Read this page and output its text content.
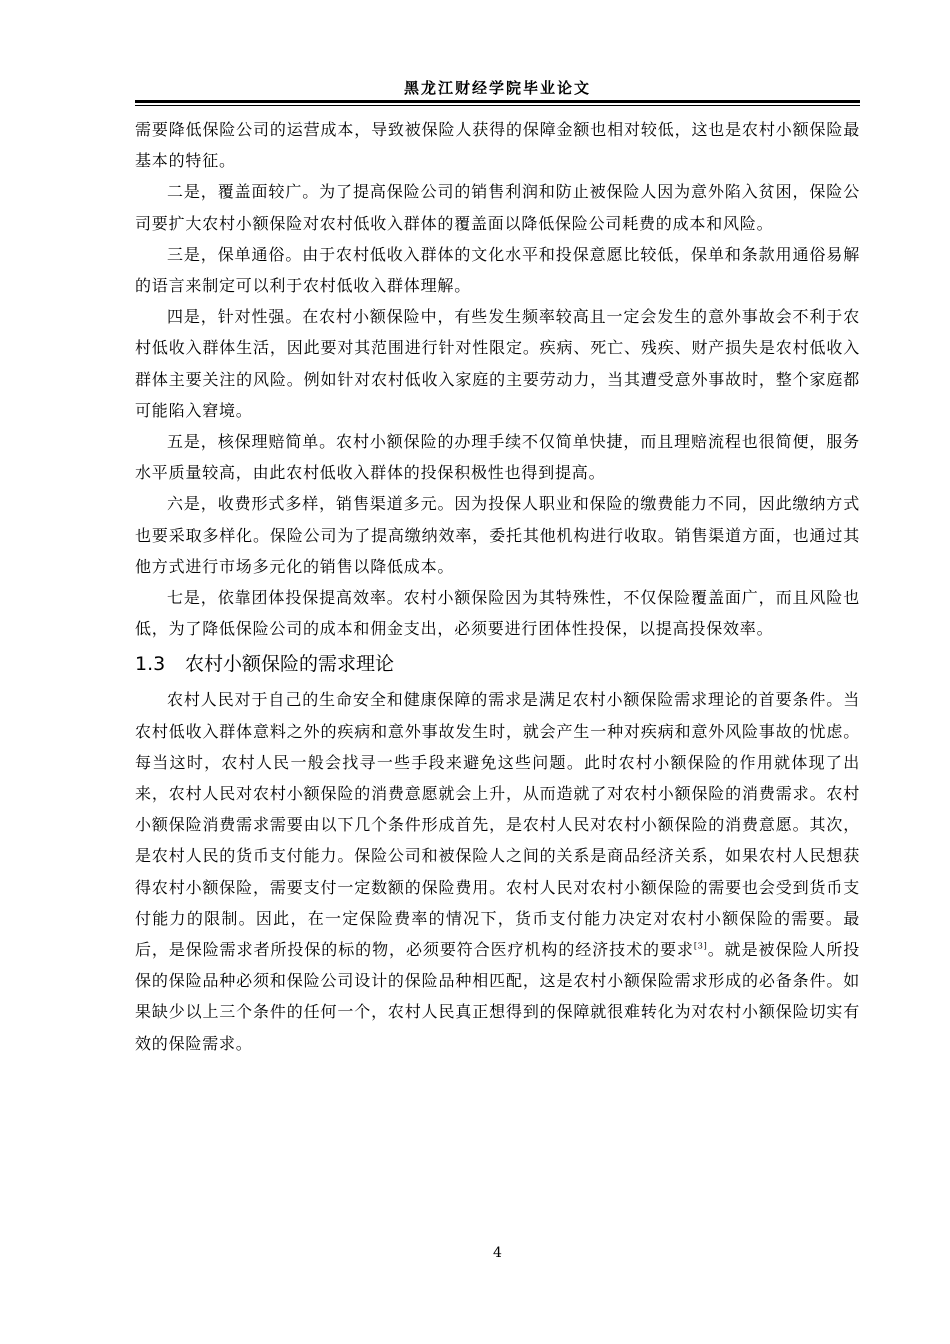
黑龙江财经学院毕业论文

需要降低保险公司的运营成本，导致被保险人获得的保障金额也相对较低，这也是农村小额保险最基本的特征。

二是，覆盖面较广。为了提高保险公司的销售利润和防止被保险人因为意外陷入贫困，保险公司要扩大农村小额保险对农村低收入群体的覆盖面以降低保险公司耗费的成本和风险。

三是，保单通俗。由于农村低收入群体的文化水平和投保意愿比较低，保单和条款用通俗易解的语言来制定可以利于农村低收入群体理解。

四是，针对性强。在农村小额保险中，有些发生频率较高且一定会发生的意外事故会不利于农村低收入群体生活，因此要对其范围进行针对性限定。疾病、死亡、残疾、财产损失是农村低收入群体主要关注的风险。例如针对农村低收入家庭的主要劳动力，当其遭受意外事故时，整个家庭都可能陷入窘境。

五是，核保理赔简单。农村小额保险的办理手续不仅简单快捷，而且理赔流程也很简便，服务水平质量较高，由此农村低收入群体的投保积极性也得到提高。

六是，收费形式多样，销售渠道多元。因为投保人职业和保险的缴费能力不同，因此缴纳方式也要采取多样化。保险公司为了提高缴纳效率，委托其他机构进行收取。销售渠道方面，也通过其他方式进行市场多元化的销售以降低成本。

七是，依靠团体投保提高效率。农村小额保险因为其特殊性，不仅保险覆盖面广，而且风险也低，为了降低保险公司的成本和佣金支出，必须要进行团体性投保，以提高投保效率。

1.3 农村小额保险的需求理论

农村人民对于自己的生命安全和健康保障的需求是满足农村小额保险需求理论的首要条件。当农村低收入群体意料之外的疾病和意外事故发生时，就会产生一种对疾病和意外风险事故的忧虑。每当这时，农村人民一般会找寻一些手段来避免这些问题。此时农村小额保险的作用就体现了出来，农村人民对农村小额保险的消费意愿就会上升，从而造就了对农村小额保险的消费需求。农村小额保险消费需求需要由以下几个条件形成首先，是农村人民对农村小额保险的消费意愿。其次，是农村人民的货币支付能力。保险公司和被保险人之间的关系是商品经济关系，如果农村人民想获得农村小额保险，需要支付一定数额的保险费用。农村人民对农村小额保险的需要也会受到货币支付能力的限制。因此，在一定保险费率的情况下，货币支付能力决定对农村小额保险的需要。最后，是保险需求者所投保的标的物，必须要符合医疗机构的经济技术的要求[3]。就是被保险人所投保的保险品种必须和保险公司设计的保险品种相匹配，这是农村小额保险需求形成的必备条件。如果缺少以上三个条件的任何一个，农村人民真正想得到的保障就很难转化为对农村小额保险切实有效的保险需求。

4
